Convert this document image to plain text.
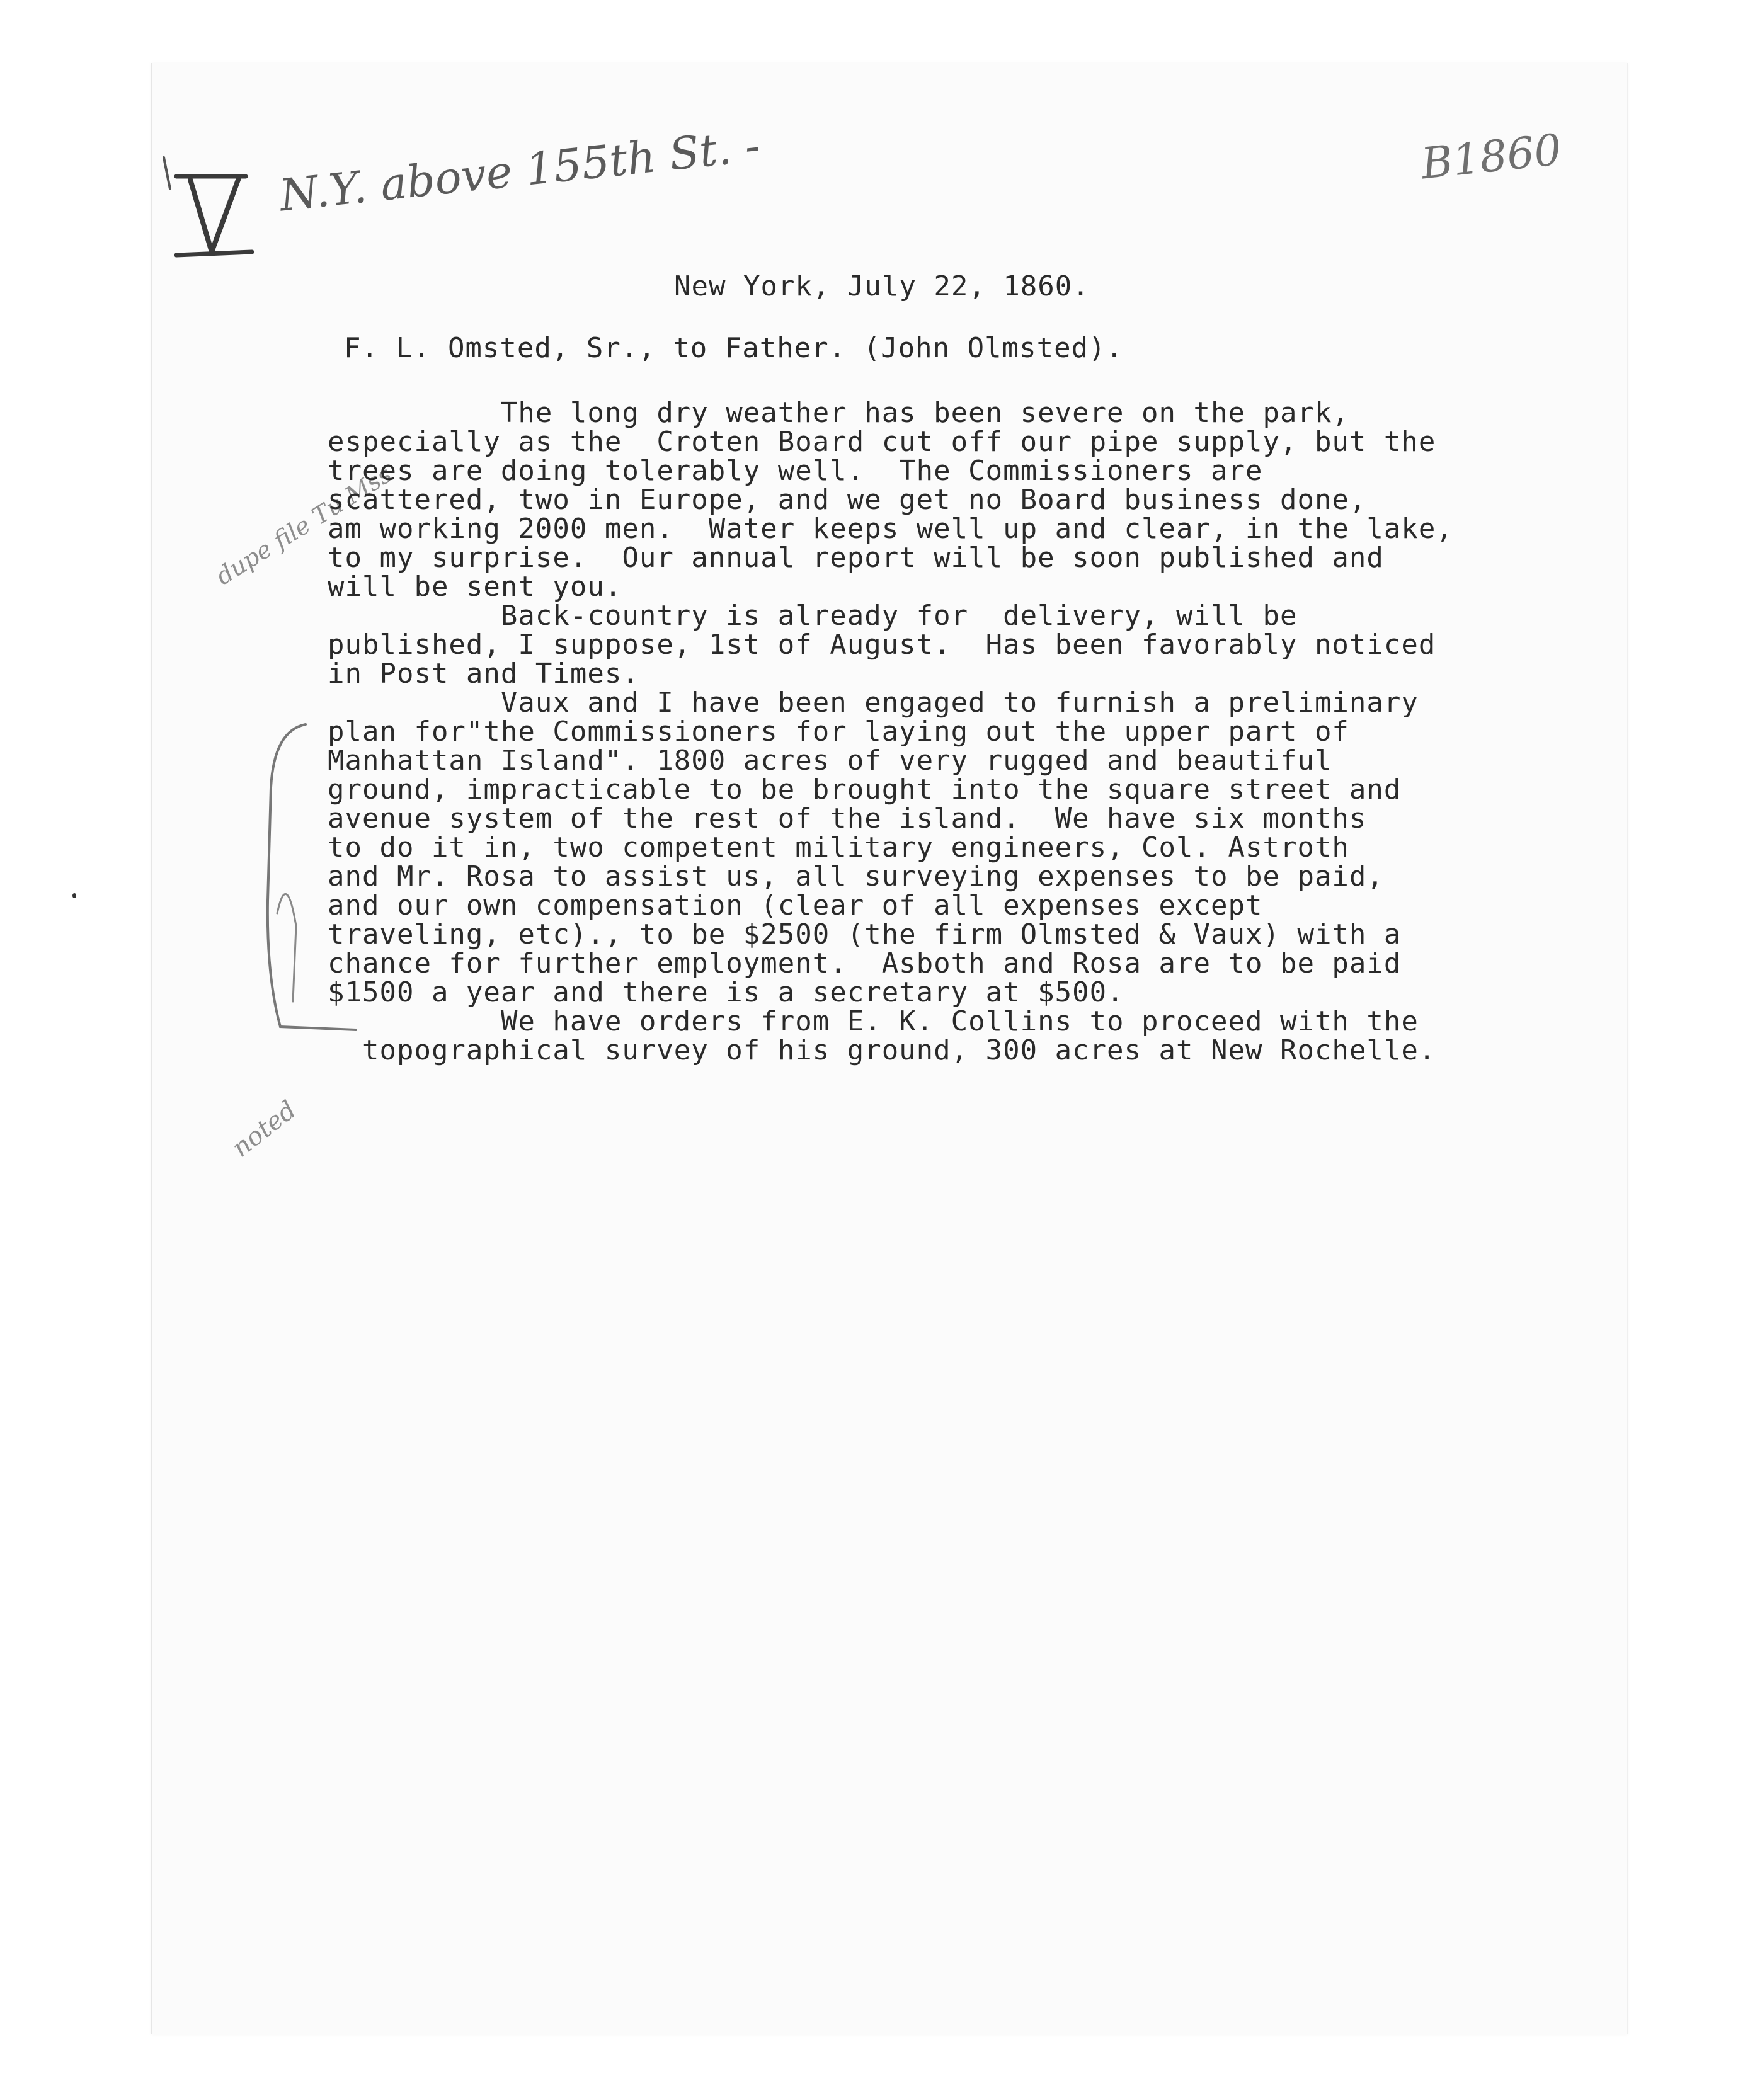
N.Y. above 155th St. -	B1860
dupe file Tu Mss
noted
New York, July 22, 1860.
F. L. Omsted, Sr., to Father. (John Olmsted).
The long dry weather has been severe on the park,
especially as the  Croten Board cut off our pipe supply, but the
trees are doing tolerably well.  The Commissioners are
scattered, two in Europe, and we get no Board business done,
am working 2000 men.  Water keeps well up and clear, in the lake,
to my surprise.  Our annual report will be soon published and
will be sent you.
Back-country is already for  delivery, will be
published, I suppose, 1st of August.  Has been favorably noticed
in Post and Times.
Vaux and I have been engaged to furnish a preliminary
plan for"the Commissioners for laying out the upper part of
Manhattan Island". 1800 acres of very rugged and beautiful
ground, impracticable to be brought into the square street and
avenue system of the rest of the island.  We have six months
to do it in, two competent military engineers, Col. Astroth
and Mr. Rosa to assist us, all surveying expenses to be paid,
and our own compensation (clear of all expenses except
traveling, etc)., to be $2500 (the firm Olmsted & Vaux) with a
chance for further employment.  Asboth and Rosa are to be paid
$1500 a year and there is a secretary at $500.
We have orders from E. K. Collins to proceed with the
topographical survey of his ground, 300 acres at New Rochelle.
